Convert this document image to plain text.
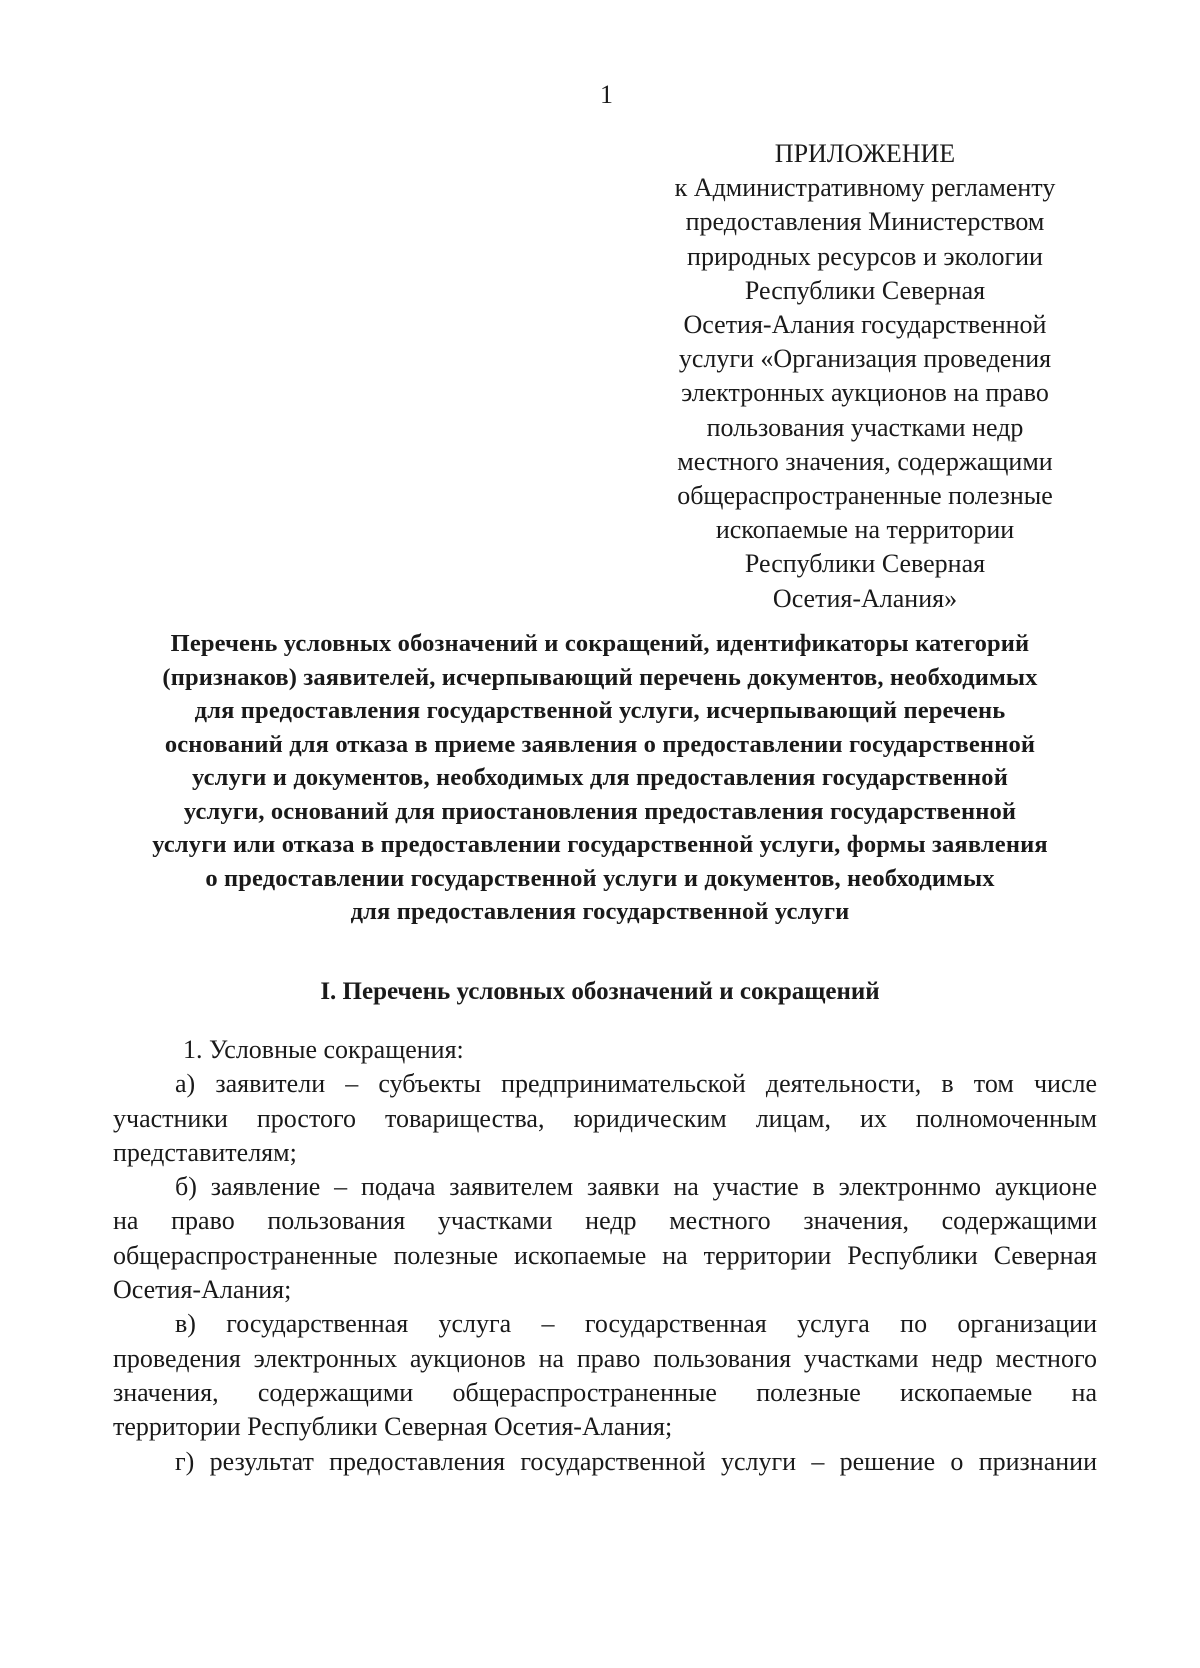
1
ПРИЛОЖЕНИЕ
к Административному регламенту
предоставления Министерством
природных ресурсов и экологии
Республики Северная
Осетия-Алания государственной
услуги «Организация проведения
электронных аукционов на право
пользования участками недр
местного значения, содержащими
общераспространенные полезные
ископаемые на территории
Республики Северная
Осетия-Алания»
Перечень условных обозначений и сокращений, идентификаторы категорий
(признаков) заявителей, исчерпывающий перечень документов, необходимых
для предоставления государственной услуги, исчерпывающий перечень
оснований для отказа в приеме заявления о предоставлении государственной
услуги и документов, необходимых для предоставления государственной
услуги, оснований для приостановления предоставления государственной
услуги или отказа в предоставлении государственной услуги, формы заявления
о предоставлении государственной услуги и документов, необходимых
для предоставления государственной услуги
I. Перечень условных обозначений и сокращений
1. Условные сокращения:
а) заявители – субъекты предпринимательской деятельности, в том числе
участники простого товарищества, юридическим лицам, их полномоченным
представителям;
б) заявление – подача заявителем заявки на участие в электроннмо аукционе
на право пользования участками недр местного значения, содержащими
общераспространенные полезные ископаемые на территории Республики Северная
Осетия-Алания;
в) государственная услуга – государственная услуга по организации
проведения электронных аукционов на право пользования участками недр местного
значения, содержащими общераспространенные полезные ископаемые на
территории Республики Северная Осетия-Алания;
г) результат предоставления государственной услуги – решение о признании
